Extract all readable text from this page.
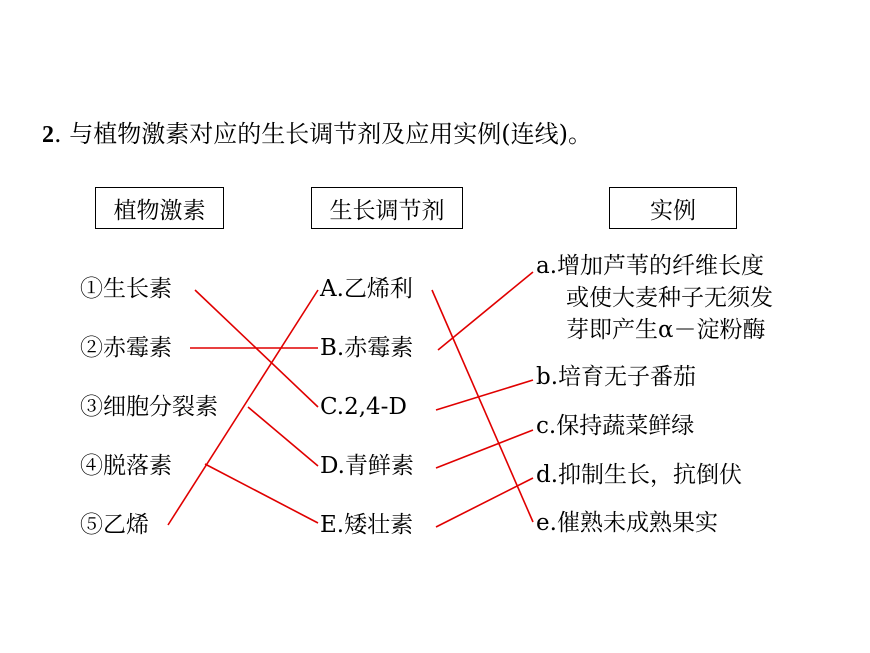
2. 与植物激素对应的生长调节剂及应用实例(连线)。
植物激素	生长调节剂	实例
①生长素
②赤霉素
③细胞分裂素
④脱落素
⑤乙烯
A.乙烯利
B.赤霉素
C.2,4-D
D.青鲜素
E.矮壮素
a.增加芦苇的纤维长度
或使大麦种子无须发
芽即产生α－淀粉酶
b.培育无子番茄
c.保持蔬菜鲜绿
d.抑制生长，抗倒伏
e.催熟未成熟果实
